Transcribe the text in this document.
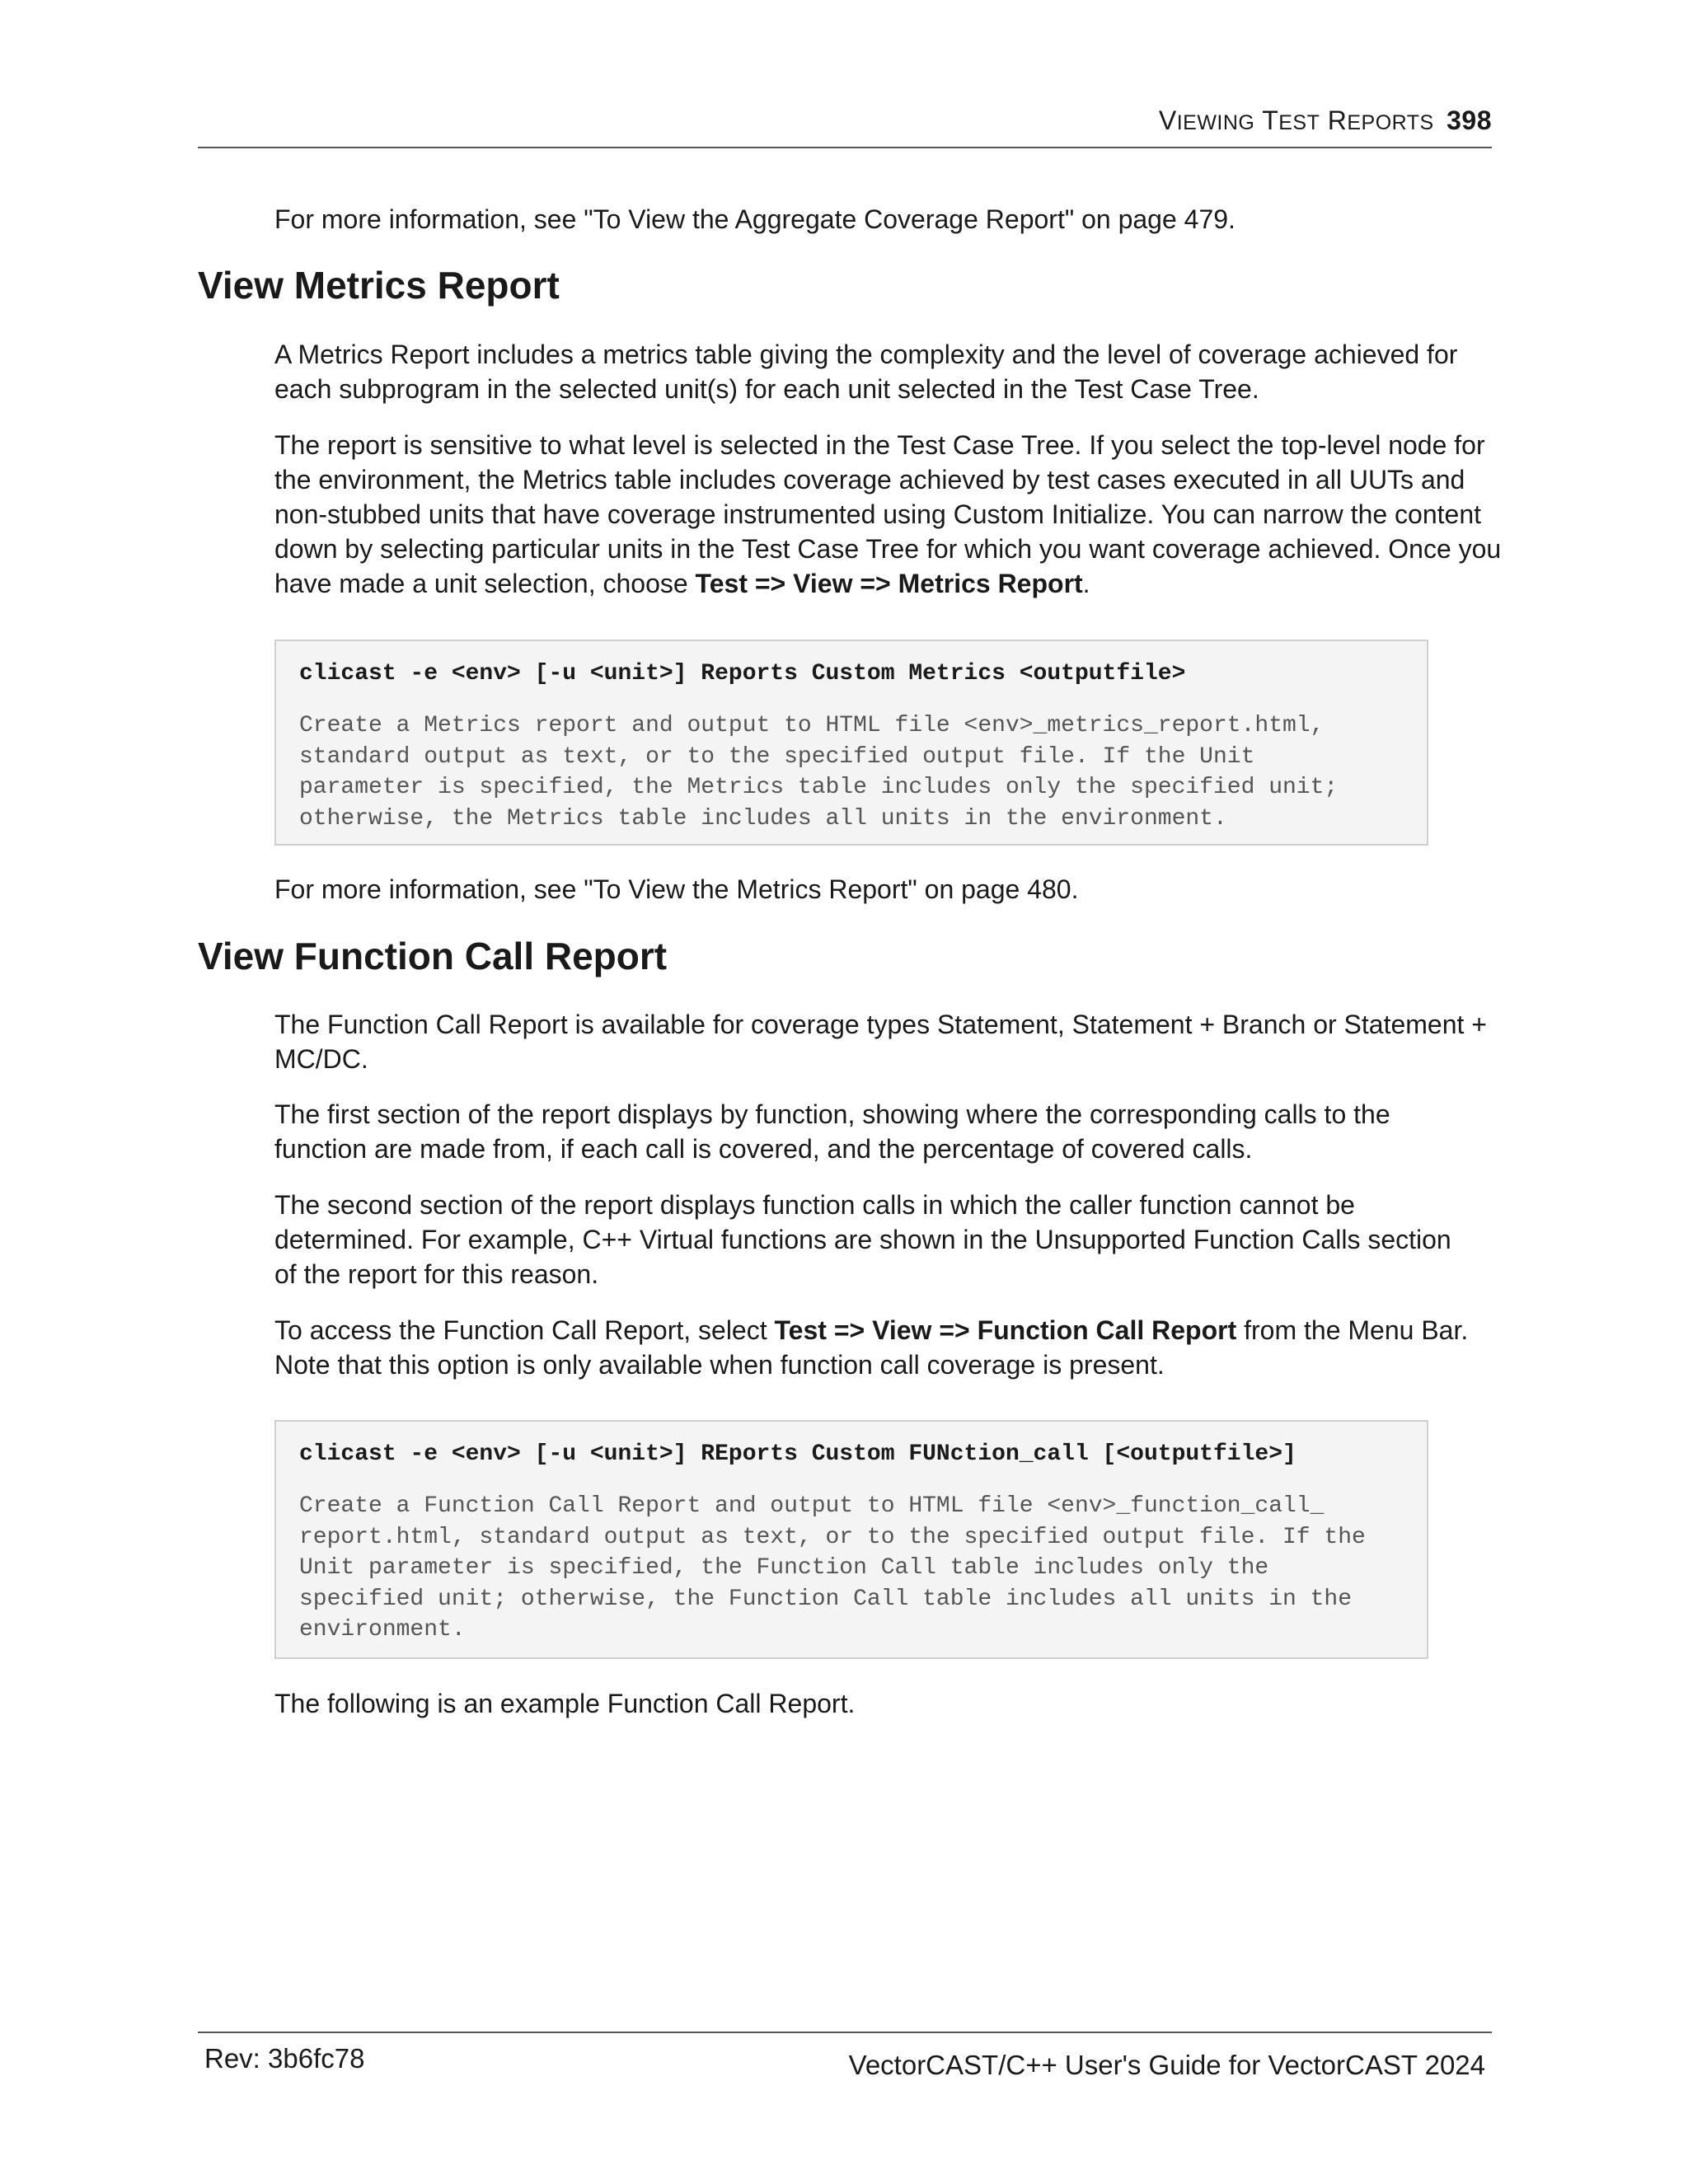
VIEWING TEST REPORTS 398

For more information, see "To View the Aggregate Coverage Report" on page 479.

View Metrics Report

A Metrics Report includes a metrics table giving the complexity and the level of coverage achieved for each subprogram in the selected unit(s) for each unit selected in the Test Case Tree.

The report is sensitive to what level is selected in the Test Case Tree. If you select the top-level node for the environment, the Metrics table includes coverage achieved by test cases executed in all UUTs and non-stubbed units that have coverage instrumented using Custom Initialize. You can narrow the content down by selecting particular units in the Test Case Tree for which you want coverage achieved. Once you have made a unit selection, choose Test => View => Metrics Report.

clicast -e <env> [-u <unit>] Reports Custom Metrics <outputfile>
Create a Metrics report and output to HTML file <env>_metrics_report.html,
standard output as text, or to the specified output file. If the Unit
parameter is specified, the Metrics table includes only the specified unit;
otherwise, the Metrics table includes all units in the environment.

For more information, see "To View the Metrics Report" on page 480.

View Function Call Report

The Function Call Report is available for coverage types Statement, Statement + Branch or Statement + MC/DC.

The first section of the report displays by function, showing where the corresponding calls to the function are made from, if each call is covered, and the percentage of covered calls.

The second section of the report displays function calls in which the caller function cannot be determined. For example, C++ Virtual functions are shown in the Unsupported Function Calls section of the report for this reason.

To access the Function Call Report, select Test => View => Function Call Report from the Menu Bar. Note that this option is only available when function call coverage is present.

clicast -e <env> [-u <unit>] REports Custom FUNction_call [<outputfile>]
Create a Function Call Report and output to HTML file <env>_function_call_
report.html, standard output as text, or to the specified output file. If the
Unit parameter is specified, the Function Call table includes only the
specified unit; otherwise, the Function Call table includes all units in the
environment.

The following is an example Function Call Report.

Rev: 3b6fc78	VectorCAST/C++ User's Guide for VectorCAST 2024
